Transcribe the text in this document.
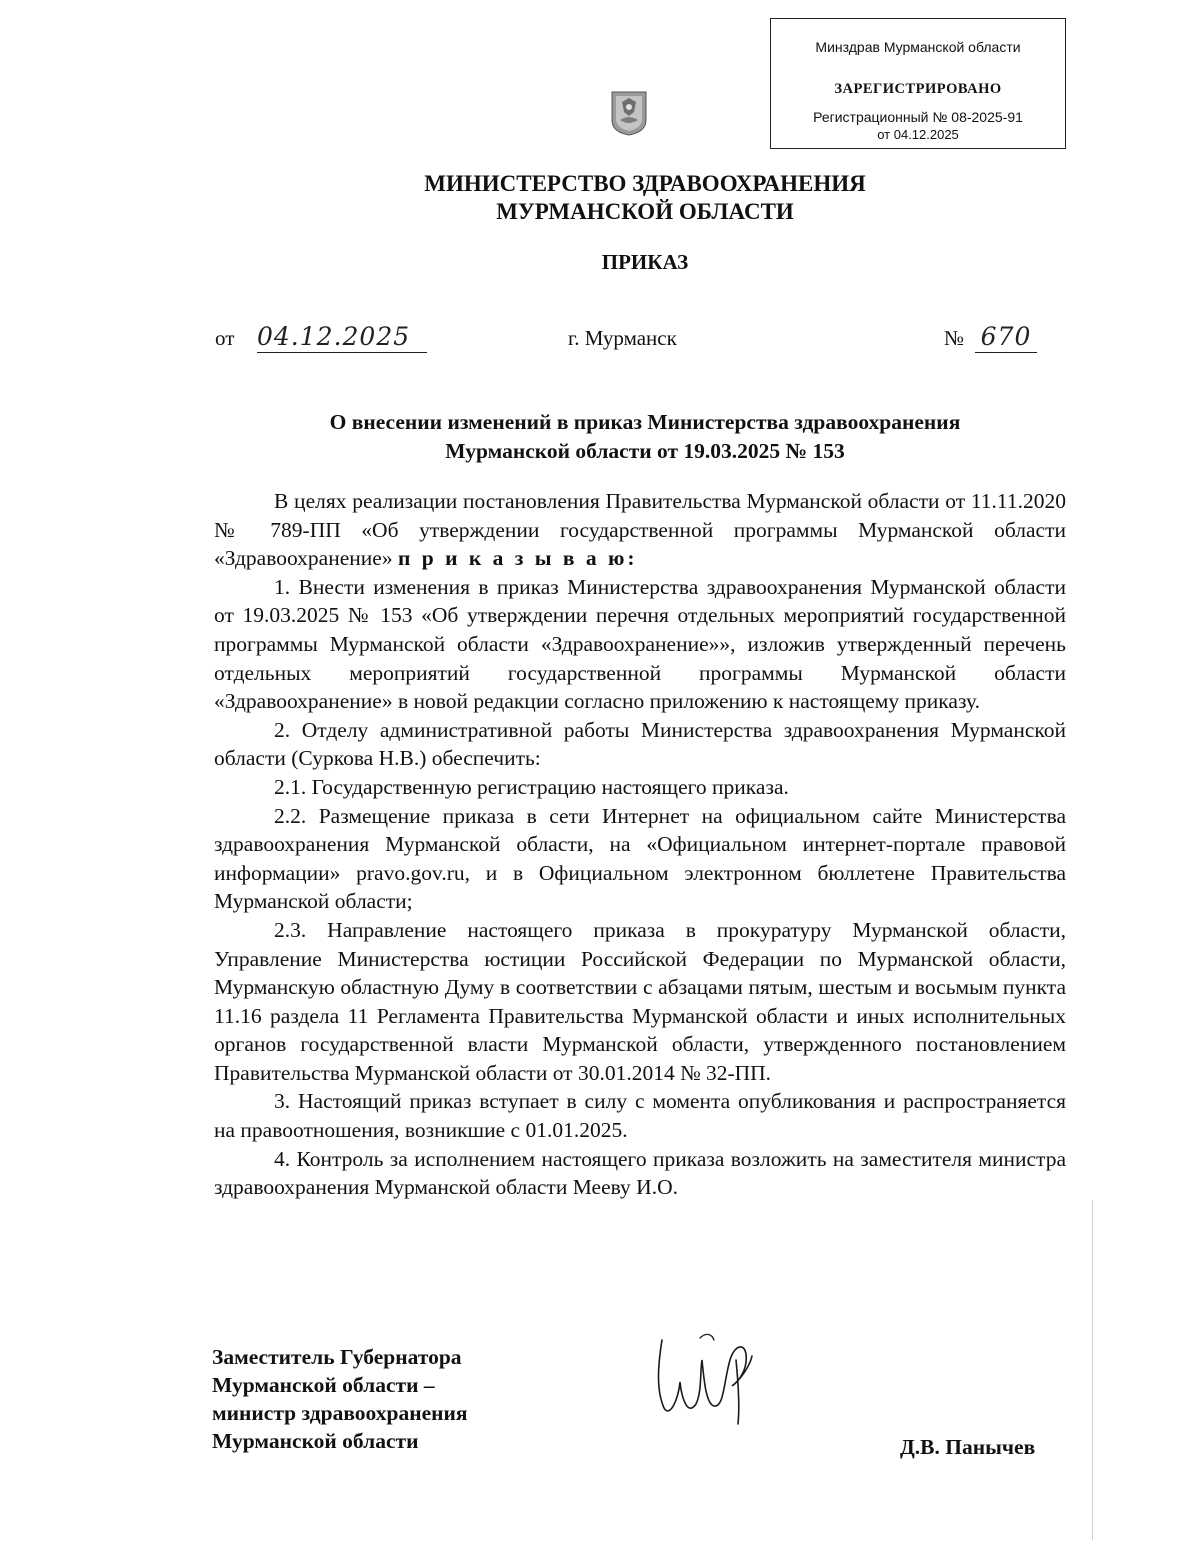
Минздрав Мурманской области
ЗАРЕГИСТРИРОВАНО
Регистрационный № 08-2025-91
от 04.12.2025
МИНИСТЕРСТВО ЗДРАВООХРАНЕНИЯ
МУРМАНСКОЙ ОБЛАСТИ
ПРИКАЗ
от 04.12.2025	г. Мурманск	№ 670
О внесении изменений в приказ Министерства здравоохранения
Мурманской области от 19.03.2025 № 153

В целях реализации постановления Правительства Мурманской области от 11.11.2020 № 789-ПП «Об утверждении государственной программы Мурманской области «Здравоохранение» п р и к а з ы в а ю:

1. Внести изменения в приказ Министерства здравоохранения Мурманской области от 19.03.2025 № 153 «Об утверждении перечня отдельных мероприятий государственной программы Мурманской области «Здравоохранение»», изложив утвержденный перечень отдельных мероприятий государственной программы Мурманской области «Здравоохранение» в новой редакции согласно приложению к настоящему приказу.

2. Отделу административной работы Министерства здравоохранения Мурманской области (Суркова Н.В.) обеспечить:

2.1. Государственную регистрацию настоящего приказа.

2.2. Размещение приказа в сети Интернет на официальном сайте Министерства здравоохранения Мурманской области, на «Официальном интернет-портале правовой информации» pravo.gov.ru, и в Официальном электронном бюллетене Правительства Мурманской области;

2.3. Направление настоящего приказа в прокуратуру Мурманской области, Управление Министерства юстиции Российской Федерации по Мурманской области, Мурманскую областную Думу в соответствии с абзацами пятым, шестым и восьмым пункта 11.16 раздела 11 Регламента Правительства Мурманской области и иных исполнительных органов государственной власти Мурманской области, утвержденного постановлением Правительства Мурманской области от 30.01.2014 № 32-ПП.

3. Настоящий приказ вступает в силу с момента опубликования и распространяется на правоотношения, возникшие с 01.01.2025.

4. Контроль за исполнением настоящего приказа возложить на заместителя министра здравоохранения Мурманской области Мееву И.О.

Заместитель Губернатора
Мурманской области –
министр здравоохранения
Мурманской области	Д.В. Панычев
